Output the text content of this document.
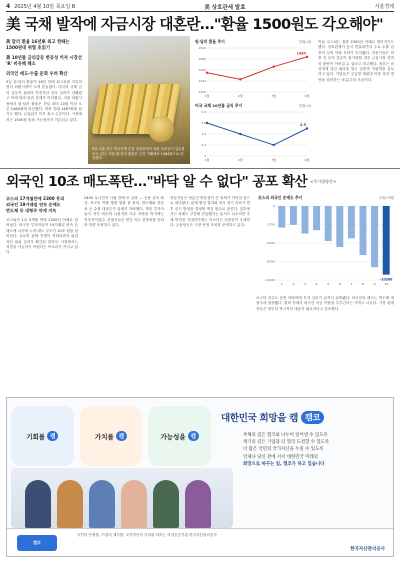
4 2025년 4월 10일 목요일 B	美 상호관세 발효	서울경제
美 국채 발작에 자금시장 대혼란…"환율 1500원도 각오해야"

美 달러 환율 16년來 최고 한때는 1500원대 위협 초읽기

美 10년물 금리급등 변동성 커져 시장선 'R' 비유해 해소

외국인 매도·수출 둔화 우려 확산

9일 원·달러 환율이 16년 만에 최고치를 기록하면서 외환시장이 크게 흔들렸다. 미국의 국채 금리 급등이 겹치며 안전자산 선호 심리가 강해졌고 이에 따라 달러 강세가 이어졌다. 서울 외환시장에서 원·달러 환율은 전일 대비 10원 이상 오른 1484원에 마감했다. 장중 한때 1487원을 넘기도 했다. 금융위기 이후 최고 수준이다. 시장에서는 1500원 돌파 가능성까지 거론되고 있다.
9일 서울 중구 하나은행 본점 딜링룸에서 외환 딜러들이 업무를 보고 있다. 이날 원·달러 환율은 주간 거래에서 1484원으로 마감했다.
원·달러 환율 추이	단위=원
1420
1440
1460
1480
1500
1월	2월	3월	4월
1484
미국 국채 10년물 금리 추이	단위=%
4
4.2
4.4
4.6
4.8
1월	2월	3월	4월
4.5
이날 코스피는 장중 2300선 아래로 떨어지기도 했다. 상호관세가 공식 발효되면서 주요 수출 업종의 실적 악화 우려가 부각됐다. 전문가들은 미중 간 무역 갈등이 장기화할 경우 금융시장 전반의 불안이 이어질 수 있다고 경고했다. 정부는 비상경제 점검 회의를 열고 업종별 지원책을 검토하고 있다. 기업들은 공급망 재편과 비용 절감 방안을 마련하는 데 분주한 모습이다.
외국인 10조 매도폭탄…"바닥 알 수 없다" 공포 확산 <주가향방은>
코스피 17개월만에 2300 붕괴
외국인 19거래일 연속 순매도
반도체 등 대형주 약세 지속
코스피가 1년 5개월 만에 2300선 아래로 밀려났다. 외국인 투자자들이 19거래일 연속 순매도에 나서며 누적 매도 규모가 10조 원을 넘어섰다. 글로벌 관세 전쟁이 격화되면서 위험자산 회피 심리가 확산된 결과다. 시장에서는 저점을 가늠하기 어렵다는 목소리가 커지고 있다.
2400 무너진지 사흘 만에 또 급락 — 신용 공포 확산. 외국인 이탈 행렬 멈출 줄 몰라. 반도체와 자동차 등 수출 대형주가 일제히 하락했다. 개인 투자자들이 저가 매수에 나섰지만 지수 하락을 막기에는 역부족이었다. 증권사들은 연간 지수 전망치를 잇따라 하향 조정하고 있다.
전문가들은 당분간 변동성이 큰 장세가 이어질 것으로 내다봤다. 관세 협상 결과와 미국 경기 지표가 향후 증시 방향을 결정할 핵심 변수로 꼽힌다. 일부에서는 과매도 구간에 진입했다는 분석도 나오지만 추세 반전을 기대하기에는 이르다는 신중론이 우세하다. 금융당국은 시장 안정 조치를 준비하고 있다.
코스피 외국인 순매도 추이	단위=억원
-11000
-8250
-5500
-2750
0
1	2	3	4	5	6	7	8	9	10
-10200
코스닥 지수도 동반 하락하며 투자 심리가 급격히 위축됐다. 외국인의 매도는 반도체 대형주에 집중됐다. 원화 약세가 외국인 자금 이탈을 부추긴다는 지적도 나온다. 시장 관계자들은 정부의 적극적인 대응이 필요하다고 강조했다.
기회를 캠	가치를 캠	가능성을 캠
대한민국 희망을 캠 캠코
부채의 짐은 캠코와 나누어 덜어낼 수 있도록
재기의 길은 기업과 더 멀리 도전할 수 있도록
더 많은 국민의 국가자산을 누릴 수 있도록
언제나 당신 곁에 서서 대한민국 미래의
희망으로 바꾸는 일, 캠코가 하고 있습니다
캠코
국민의 안정을, 기업의 재기를, 국가자산의 가치를 더하는 리딩공공기관 한국자산관리공사
한국자산관리공사
